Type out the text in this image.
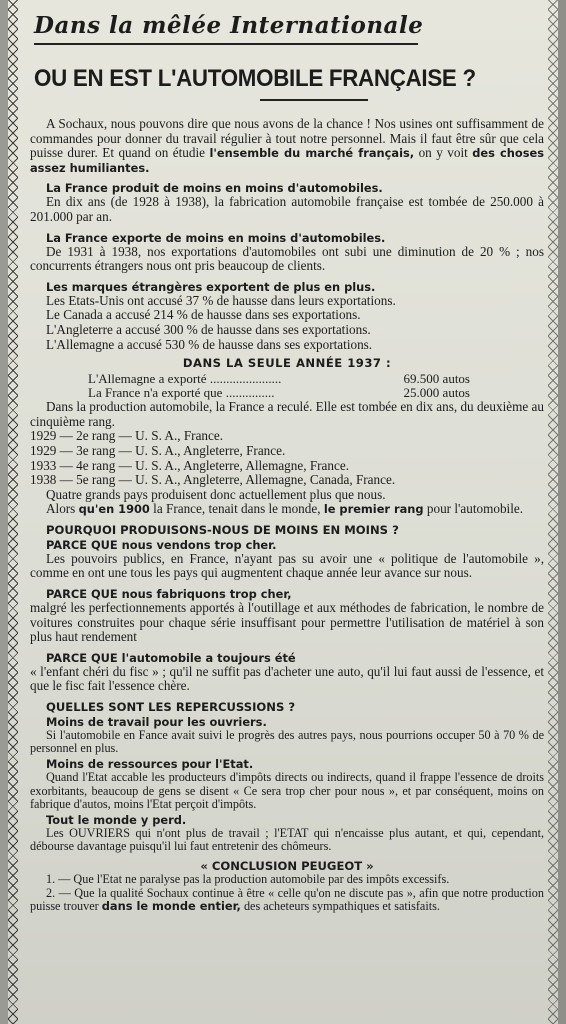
Dans la mêlée Internationale
OU EN EST L'AUTOMOBILE FRANÇAISE ?

A Sochaux, nous pouvons dire que nous avons de la chance ! Nos usines ont suffisamment de commandes pour donner du travail régulier à tout notre personnel. Mais il faut être sûr que cela puisse durer. Et quand on étudie l'ensemble du marché français, on y voit des choses assez humiliantes.

La France produit de moins en moins d'automobiles.

En dix ans (de 1928 à 1938), la fabrication automobile française est tombée de 250.000 à 201.000 par an.

La France exporte de moins en moins d'automobiles.

De 1931 à 1938, nos exportations d'automobiles ont subi une diminution de 20 % ; nos concurrents étrangers nous ont pris beaucoup de clients.

Les marques étrangères exportent de plus en plus.

Les Etats-Unis ont accusé 37 % de hausse dans leurs exportations.

Le Canada a accusé 214 % de hausse dans ses exportations.

L'Angleterre a accusé 300 % de hausse dans ses exportations.

L'Allemagne a accusé 530 % de hausse dans ses exportations.

DANS LA SEULE ANNÉE 1937 :
L'Allemagne a exporté ......................	69.500 autos
La France n'a exporté que ...............	25.000 autos

Dans la production automobile, la France a reculé. Elle est tombée en dix ans, du deuxième au cinquième rang.

1929 — 2e rang — U. S. A., France.

1929 — 3e rang — U. S. A., Angleterre, France.

1933 — 4e rang — U. S. A., Angleterre, Allemagne, France.

1938 — 5e rang — U. S. A., Angleterre, Allemagne, Canada, France.

Quatre grands pays produisent donc actuellement plus que nous.

Alors qu'en 1900 la France, tenait dans le monde, le premier rang pour l'automobile.

POURQUOI PRODUISONS-NOUS DE MOINS EN MOINS ?
PARCE QUE nous vendons trop cher.

Les pouvoirs publics, en France, n'ayant pas su avoir une « politique de l'automobile », comme en ont une tous les pays qui augmentent chaque année leur avance sur nous.

PARCE QUE nous fabriquons trop cher,

malgré les perfectionnements apportés à l'outillage et aux méthodes de fabrication, le nombre de voitures construites pour chaque série insuffisant pour permettre l'utilisation de matériel à son plus haut rendement

PARCE QUE l'automobile a toujours été

« l'enfant chéri du fisc » ; qu'il ne suffit pas d'acheter une auto, qu'il lui faut aussi de l'essence, et que le fisc fait l'essence chère.

QUELLES SONT LES REPERCUSSIONS ?
Moins de travail pour les ouvriers.

Si l'automobile en Fance avait suivi le progrès des autres pays, nous pourrions occuper 50 à 70 % de personnel en plus.

Moins de ressources pour l'Etat.

Quand l'Etat accable les producteurs d'impôts directs ou indirects, quand il frappe l'essence de droits exorbitants, beaucoup de gens se disent « Ce sera trop cher pour nous », et par conséquent, moins on fabrique d'autos, moins l'Etat perçoit d'impôts.

Tout le monde y perd.

Les OUVRIERS qui n'ont plus de travail ; l'ETAT qui n'encaisse plus autant, et qui, cependant, débourse davantage puisqu'il lui faut entretenir des chômeurs.

« CONCLUSION PEUGEOT »

1. — Que l'Etat ne paralyse pas la production automobile par des impôts excessifs.

2. — Que la qualité Sochaux continue à être « celle qu'on ne discute pas », afin que notre production puisse trouver dans le monde entier, des acheteurs sympathiques et satisfaits.
